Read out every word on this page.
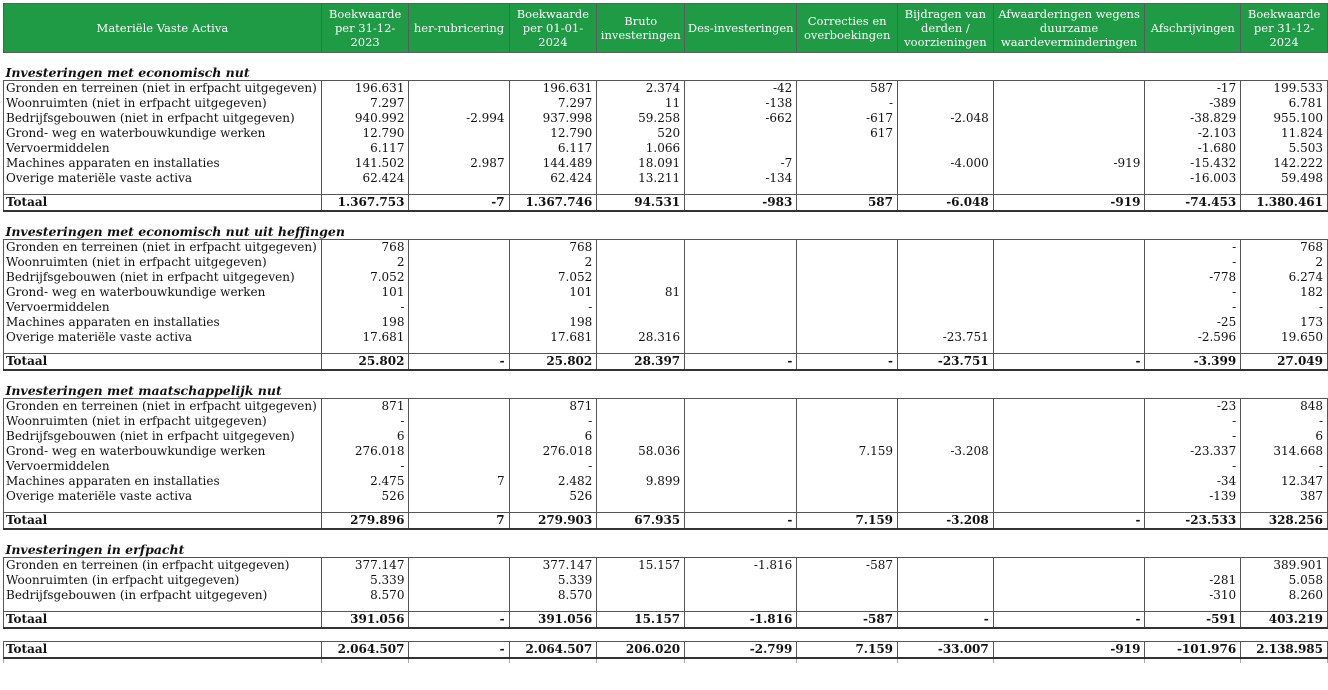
Materiële Vaste Activa	Boekwaarde per 31-12-2023	her-rubricering	Boekwaarde per 01-01-2024	Bruto investeringen	Des-investeringen	Correcties en overboekingen	Bijdragen van derden / voorzieningen	Afwaarderingen wegens duurzame waardeverminderingen	Afschrijvingen	Boekwaarde per 31-12-2024

Investeringen met economisch nut										
Gronden en terreinen (niet in erfpacht uitgegeven)	196.631		196.631	2.374	-42	587			-17	199.533
Woonruimten (niet in erfpacht uitgegeven)	7.297		7.297	11	-138	-			-389	6.781
Bedrijfsgebouwen (niet in erfpacht uitgegeven)	940.992	-2.994	937.998	59.258	-662	-617	-2.048		-38.829	955.100
Grond- weg en waterbouwkundige werken	12.790		12.790	520		617			-2.103	11.824
Vervoermiddelen	6.117		6.117	1.066					-1.680	5.503
Machines apparaten en installaties	141.502	2.987	144.489	18.091	-7		-4.000	-919	-15.432	142.222
Overige materiële vaste activa	62.424		62.424	13.211	-134				-16.003	59.498

Totaal	1.367.753	-7	1.367.746	94.531	-983	587	-6.048	-919	-74.453	1.380.461

Investeringen met economisch nut uit heffingen										
Gronden en terreinen (niet in erfpacht uitgegeven)	768		768						-	768
Woonruimten (niet in erfpacht uitgegeven)	2		2						-	2
Bedrijfsgebouwen (niet in erfpacht uitgegeven)	7.052		7.052						-778	6.274
Grond- weg en waterbouwkundige werken	101		101	81					-	182
Vervoermiddelen	-		-						-	-
Machines apparaten en installaties	198		198						-25	173
Overige materiële vaste activa	17.681		17.681	28.316			-23.751		-2.596	19.650

Totaal	25.802	-	25.802	28.397	-	-	-23.751	-	-3.399	27.049

Investeringen met maatschappelijk nut										
Gronden en terreinen (niet in erfpacht uitgegeven)	871		871						-23	848
Woonruimten (niet in erfpacht uitgegeven)	-		-						-	-
Bedrijfsgebouwen (niet in erfpacht uitgegeven)	6		6						-	6
Grond- weg en waterbouwkundige werken	276.018		276.018	58.036		7.159	-3.208		-23.337	314.668
Vervoermiddelen	-		-						-	-
Machines apparaten en installaties	2.475	7	2.482	9.899					-34	12.347
Overige materiële vaste activa	526		526						-139	387

Totaal	279.896	7	279.903	67.935	-	7.159	-3.208	-	-23.533	328.256

Investeringen in erfpacht										
Gronden en terreinen (in erfpacht uitgegeven)	377.147		377.147	15.157	-1.816	-587				389.901
Woonruimten (in erfpacht uitgegeven)	5.339		5.339						-281	5.058
Bedrijfsgebouwen (in erfpacht uitgegeven)	8.570		8.570						-310	8.260

Totaal	391.056	-	391.056	15.157	-1.816	-587	-	-	-591	403.219

Totaal	2.064.507	-	2.064.507	206.020	-2.799	7.159	-33.007	-919	-101.976	2.138.985
